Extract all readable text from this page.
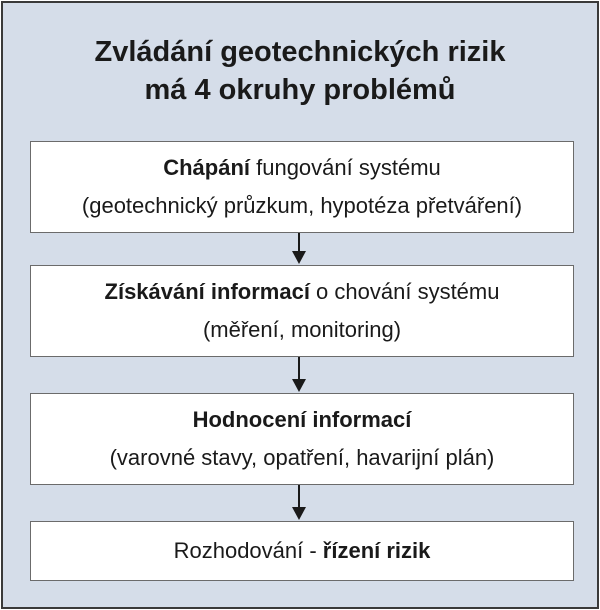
Zvládání geotechnických rizik
má 4 okruhy problémů
Chápání fungování systému
(geotechnický průzkum, hypotéza přetváření)
Získávání informací o chování systému
(měření, monitoring)
Hodnocení informací
(varovné stavy, opatření, havarijní plán)
Rozhodování - řízení rizik
